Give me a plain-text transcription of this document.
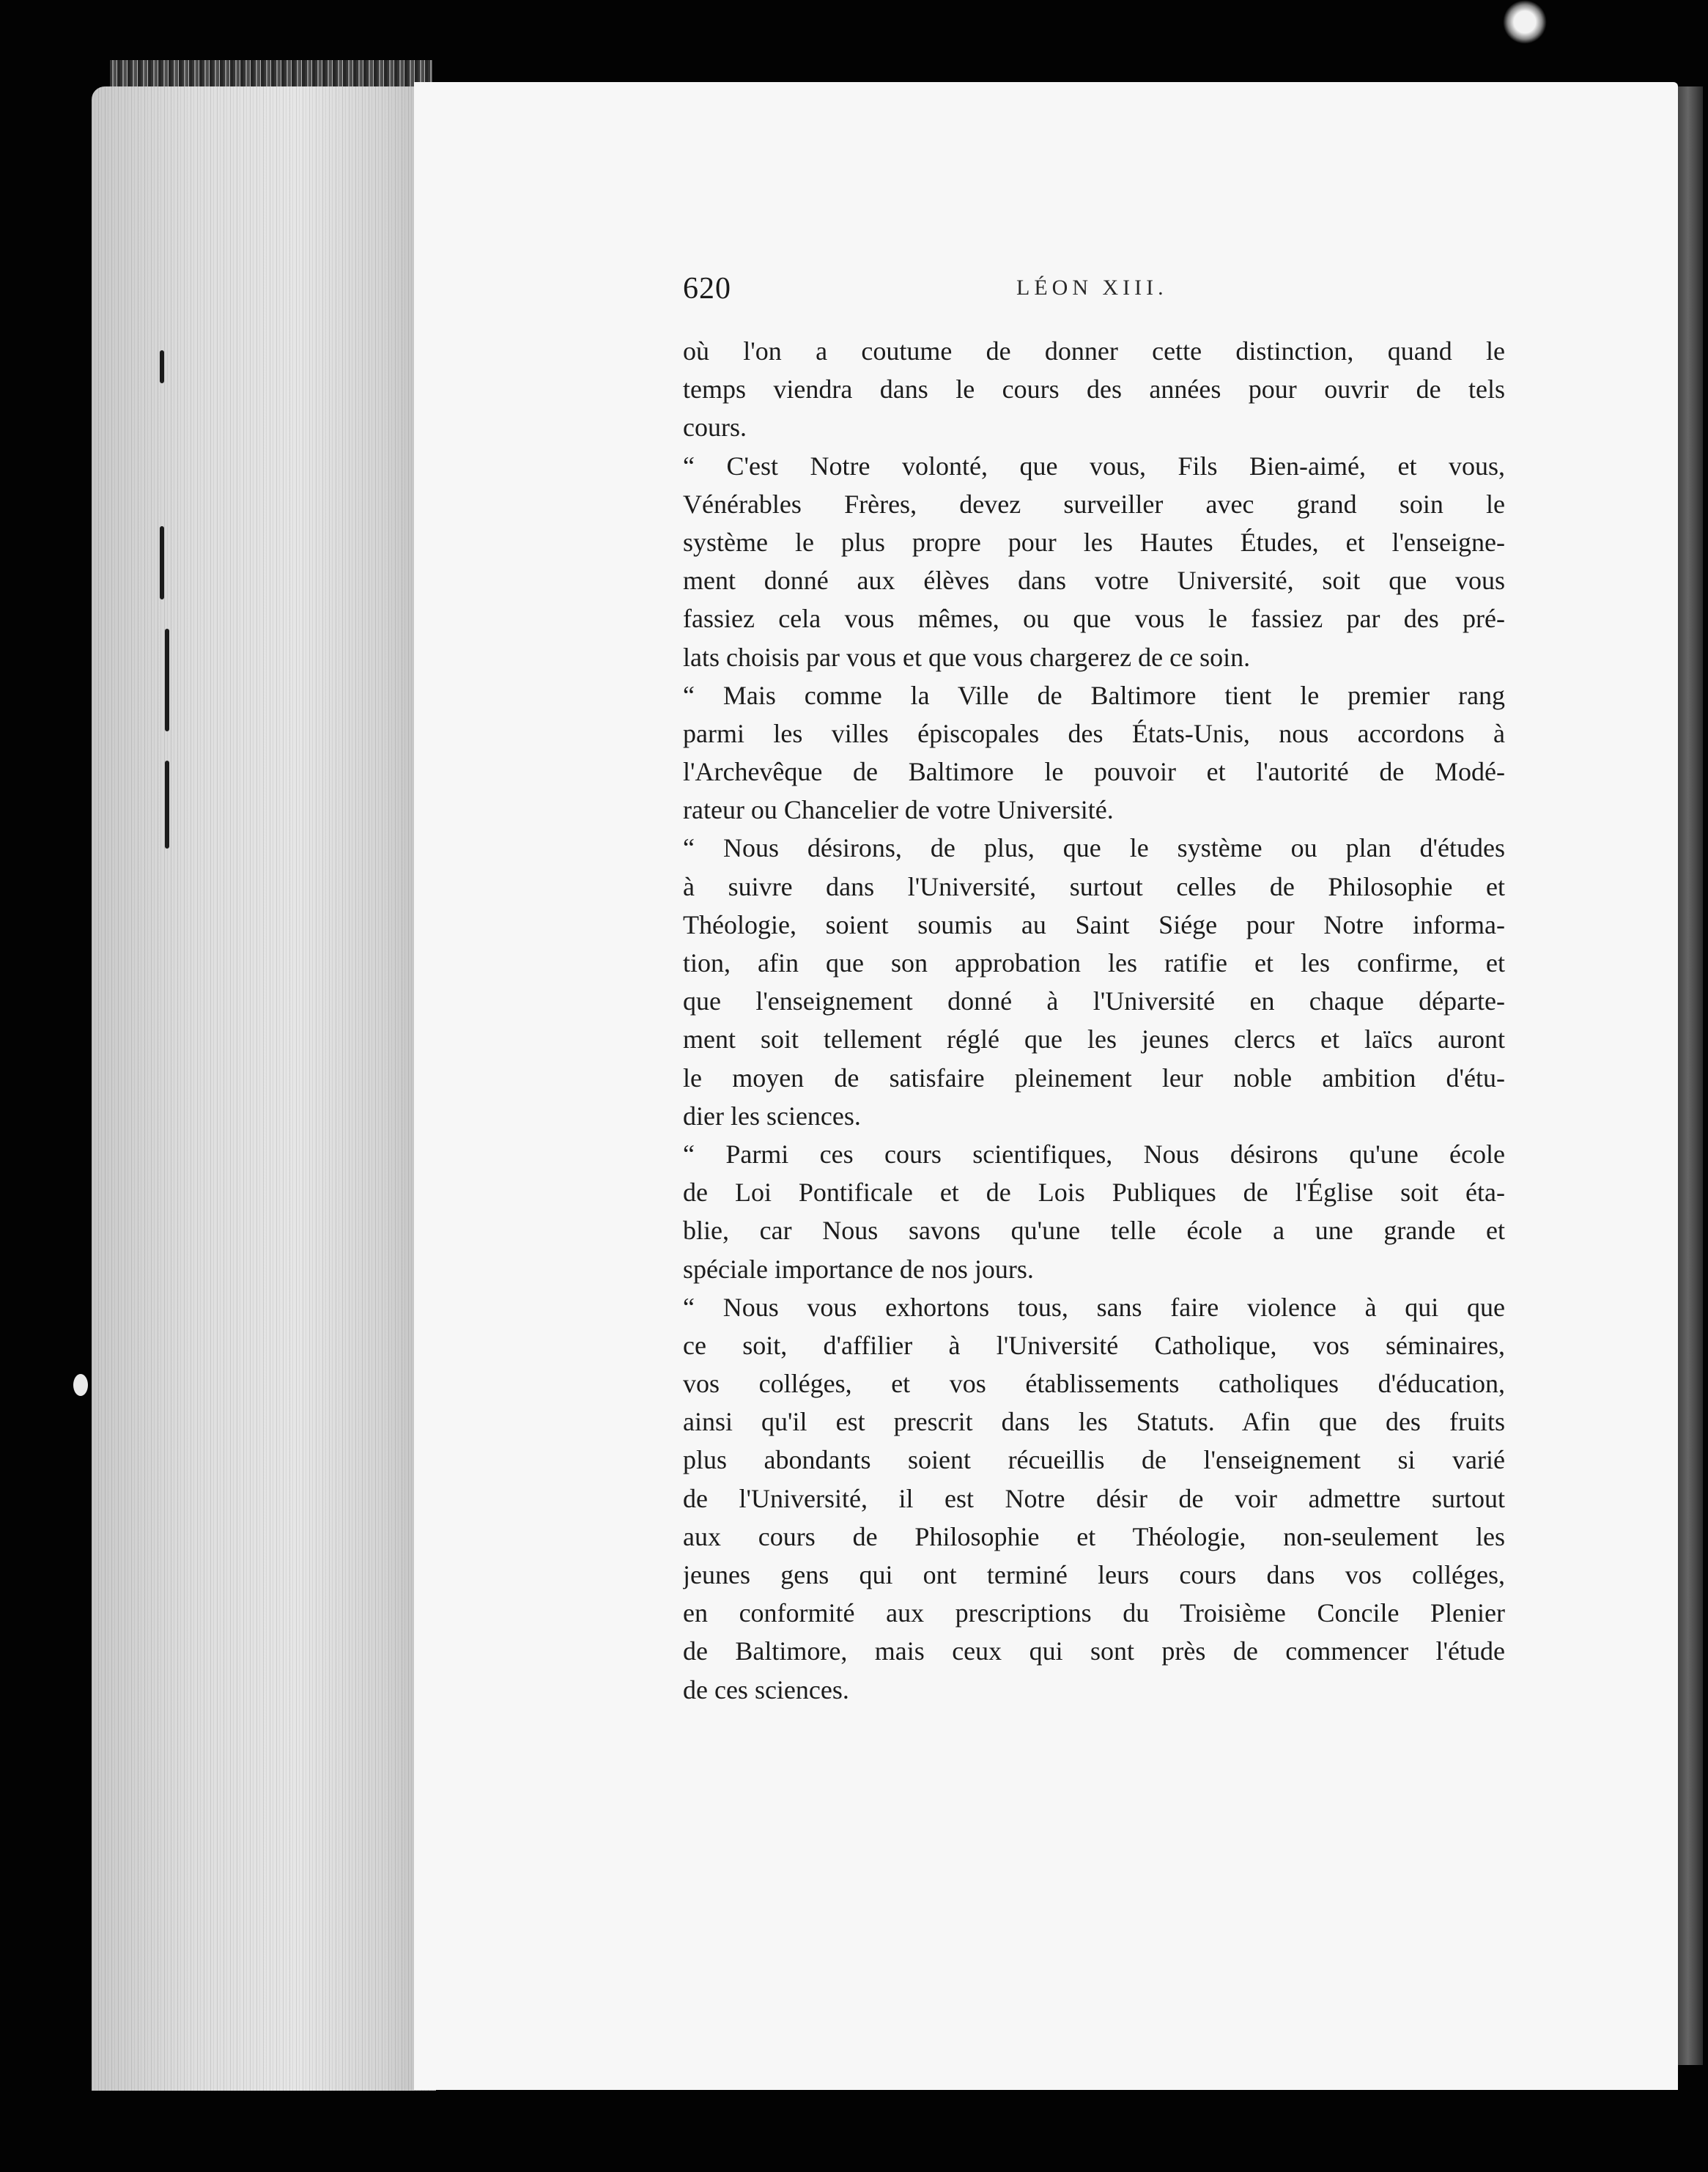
620	LÉON XIII.
où l'on a coutume de donner cette distinction, quand le
temps viendra dans le cours des années pour ouvrir de tels
cours.
“ C'est Notre volonté, que vous, Fils Bien-aimé, et vous,
Vénérables Frères, devez surveiller avec grand soin le
système le plus propre pour les Hautes Études, et l'enseigne-
ment donné aux élèves dans votre Université, soit que vous
fassiez cela vous mêmes, ou que vous le fassiez par des pré-
lats choisis par vous et que vous chargerez de ce soin.
“ Mais comme la Ville de Baltimore tient le premier rang
parmi les villes épiscopales des États-Unis, nous accordons à
l'Archevêque de Baltimore le pouvoir et l'autorité de Modé-
rateur ou Chancelier de votre Université.
“ Nous désirons, de plus, que le système ou plan d'études
à suivre dans l'Université, surtout celles de Philosophie et
Théologie, soient soumis au Saint Siége pour Notre informa-
tion, afin que son approbation les ratifie et les confirme, et
que l'enseignement donné à l'Université en chaque départe-
ment soit tellement réglé que les jeunes clercs et laïcs auront
le moyen de satisfaire pleinement leur noble ambition d'étu-
dier les sciences.
“ Parmi ces cours scientifiques, Nous désirons qu'une école
de Loi Pontificale et de Lois Publiques de l'Église soit éta-
blie, car Nous savons qu'une telle école a une grande et
spéciale importance de nos jours.
“ Nous vous exhortons tous, sans faire violence à qui que
ce soit, d'affilier à l'Université Catholique, vos séminaires,
vos colléges, et vos établissements catholiques d'éducation,
ainsi qu'il est prescrit dans les Statuts. Afin que des fruits
plus abondants soient récueillis de l'enseignement si varié
de l'Université, il est Notre désir de voir admettre surtout
aux cours de Philosophie et Théologie, non-seulement les
jeunes gens qui ont terminé leurs cours dans vos colléges,
en conformité aux prescriptions du Troisième Concile Plenier
de Baltimore, mais ceux qui sont près de commencer l'étude
de ces sciences.
